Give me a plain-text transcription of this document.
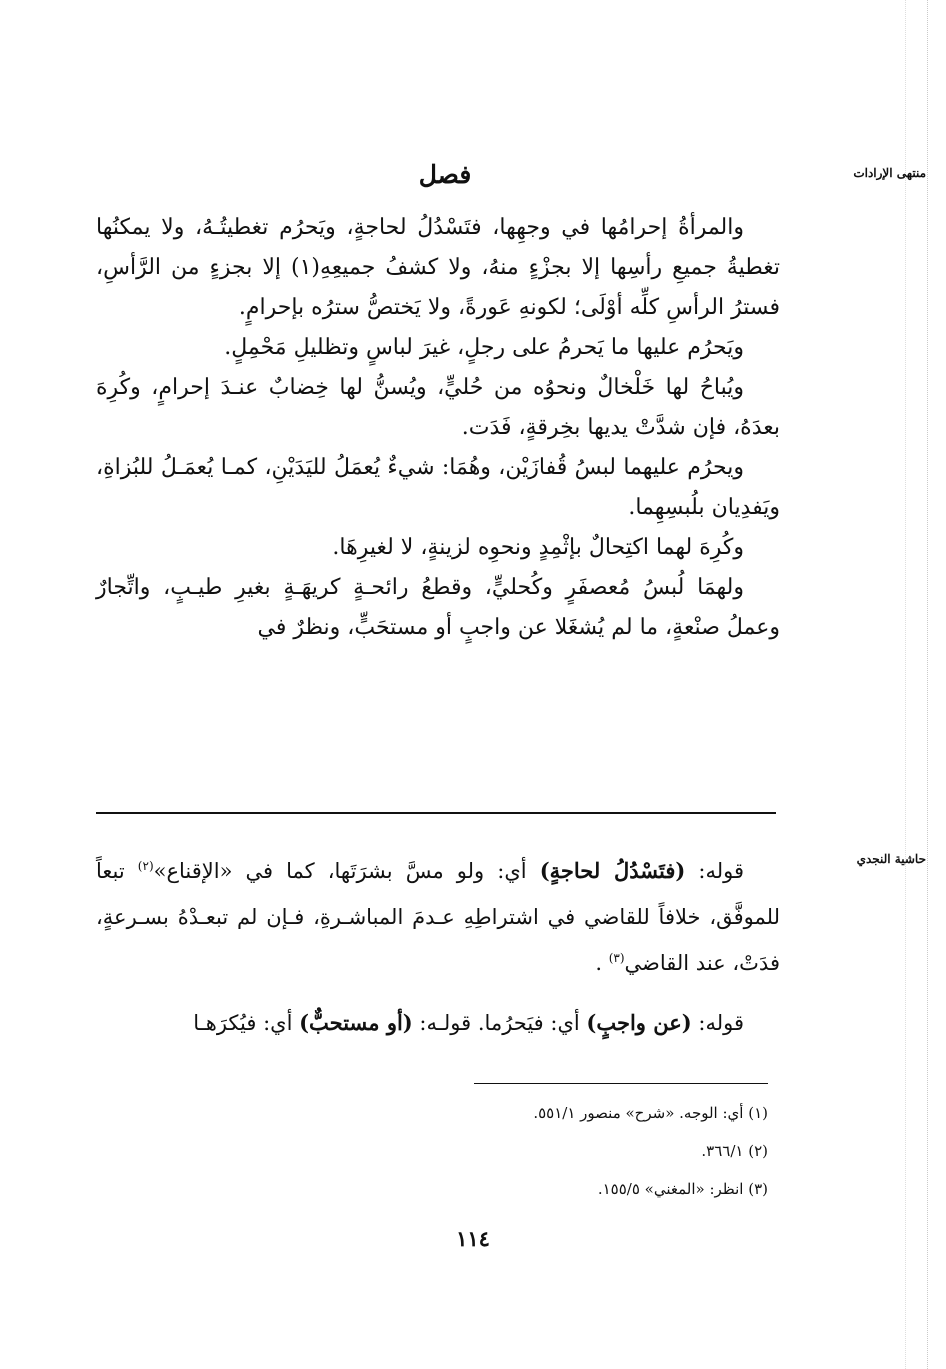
منتهى الإرادات
فصل

والمرأةُ إحرامُها في وجهِها، فتَسْدُلُ لحاجةٍ، ويَحرُم تغطيتُـهُ، ولا يمكنُها تغطيةُ جميعِ رأسِها إلا بجزْءٍ منهُ، ولا كشفُ جميعِهِ(١) إلا بجزءٍ من الرَّأسِ، فسترُ الرأسِ كلِّه أوْلَى؛ لكونهِ عَورةً، ولا يَختصُّ سترُه بإحرامٍ.

ويَحرُم عليها ما يَحرمُ على رجلٍ، غيرَ لباسٍ وتظليلِ مَحْمِلٍ.

ويُباحُ لها خَلْخالٌ ونحوُه من حُليٍّ، ويُسنُّ لها خِضابٌ عنـدَ إحرامٍ، وكُرِهَ بعدَهُ، فإن شدَّتْ يديها بخِرقةٍ، فَدَت.

ويحرُم عليهما لبسُ قُفازَيْن، وهُمَا: شيءٌ يُعمَلُ لليَدَيْنِ، كمـا يُعمَـلُ للبُزاةِ، ويَفدِيان بلُبسِهِما.

وكُرِهَ لهما اكتِحالٌ بإثْمِدٍ ونحوِه لزينةٍ، لا لغيرِهَا.

ولهمَا لُبسُ مُعصفَرٍ وكُحليٍّ، وقطعُ رائحـةٍ كريهَـةٍ بغيرِ طيـبٍ، واتِّجارٌ وعملُ صنْعةٍ، ما لم يُشغَلا عن واجبٍ أو مستحَبٍّ، ونظرٌ في

حاشية النجدي

قوله: (فتَسْدُلُ لحاجةٍ) أي: ولو مسَّ بشرَتَها، كما في «الإقناع»$^{(٢)}$ تبعاً للموفَّق، خلافاً للقاضي في اشتراطِهِ عـدمَ المباشـرةِ، فـإن لم تبعـدْهُ بسـرعةٍ، فدَتْ، عند القاضي$^{(٣)}$ .

قوله: (عن واجبٍ) أي: فيَحرُما. قولـه: (أو مستحبٌّ) أي: فيُكرَهـا

(١) أي: الوجه. «شرح» منصور ٥٥١/١.
(٢) ٣٦٦/١.
(٣) انظر: «المغني» ١٥٥/٥.
١١٤
